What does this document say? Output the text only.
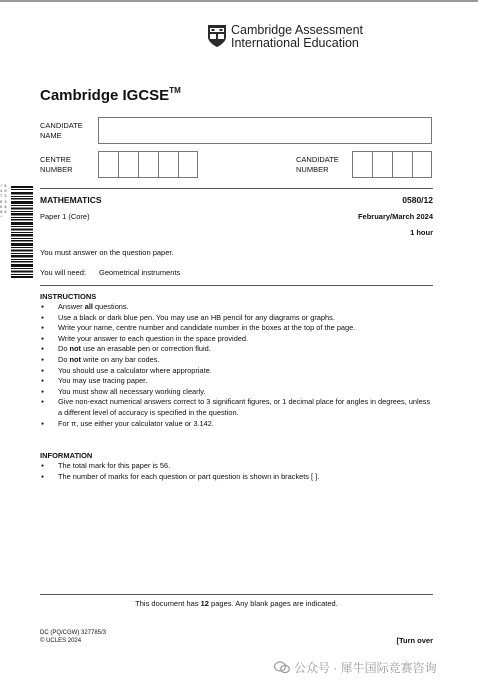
Cambridge Assessment
International Education
Cambridge IGCSE™
CANDIDATE
NAME
CENTRE
NUMBER
CANDIDATE
NUMBER
* 6 4 0 7 3 0 3 5 8 0 9 *
MATHEMATICS	0580/12
Paper 1 (Core)	February/March 2024
1 hour
You must answer on the question paper.
You will need: Geometrical instruments
INSTRUCTIONS
● Answer all questions.
● Use a black or dark blue pen. You may use an HB pencil for any diagrams or graphs.
● Write your name, centre number and candidate number in the boxes at the top of the page.
● Write your answer to each question in the space provided.
● Do not use an erasable pen or correction fluid.
● Do not write on any bar codes.
● You should use a calculator where appropriate.
● You may use tracing paper.
● You must show all necessary working clearly.
● Give non-exact numerical answers correct to 3 significant figures, or 1 decimal place for angles in degrees, unless a different level of accuracy is specified in the question.
● For π, use either your calculator value or 3.142.
INFORMATION
● The total mark for this paper is 56.
● The number of marks for each question or part question is shown in brackets [ ].
This document has 12 pages. Any blank pages are indicated.
DC (PQ/CGW) 327785/3
© UCLES 2024	[Turn over
公众号 · 犀牛国际竞赛咨询
